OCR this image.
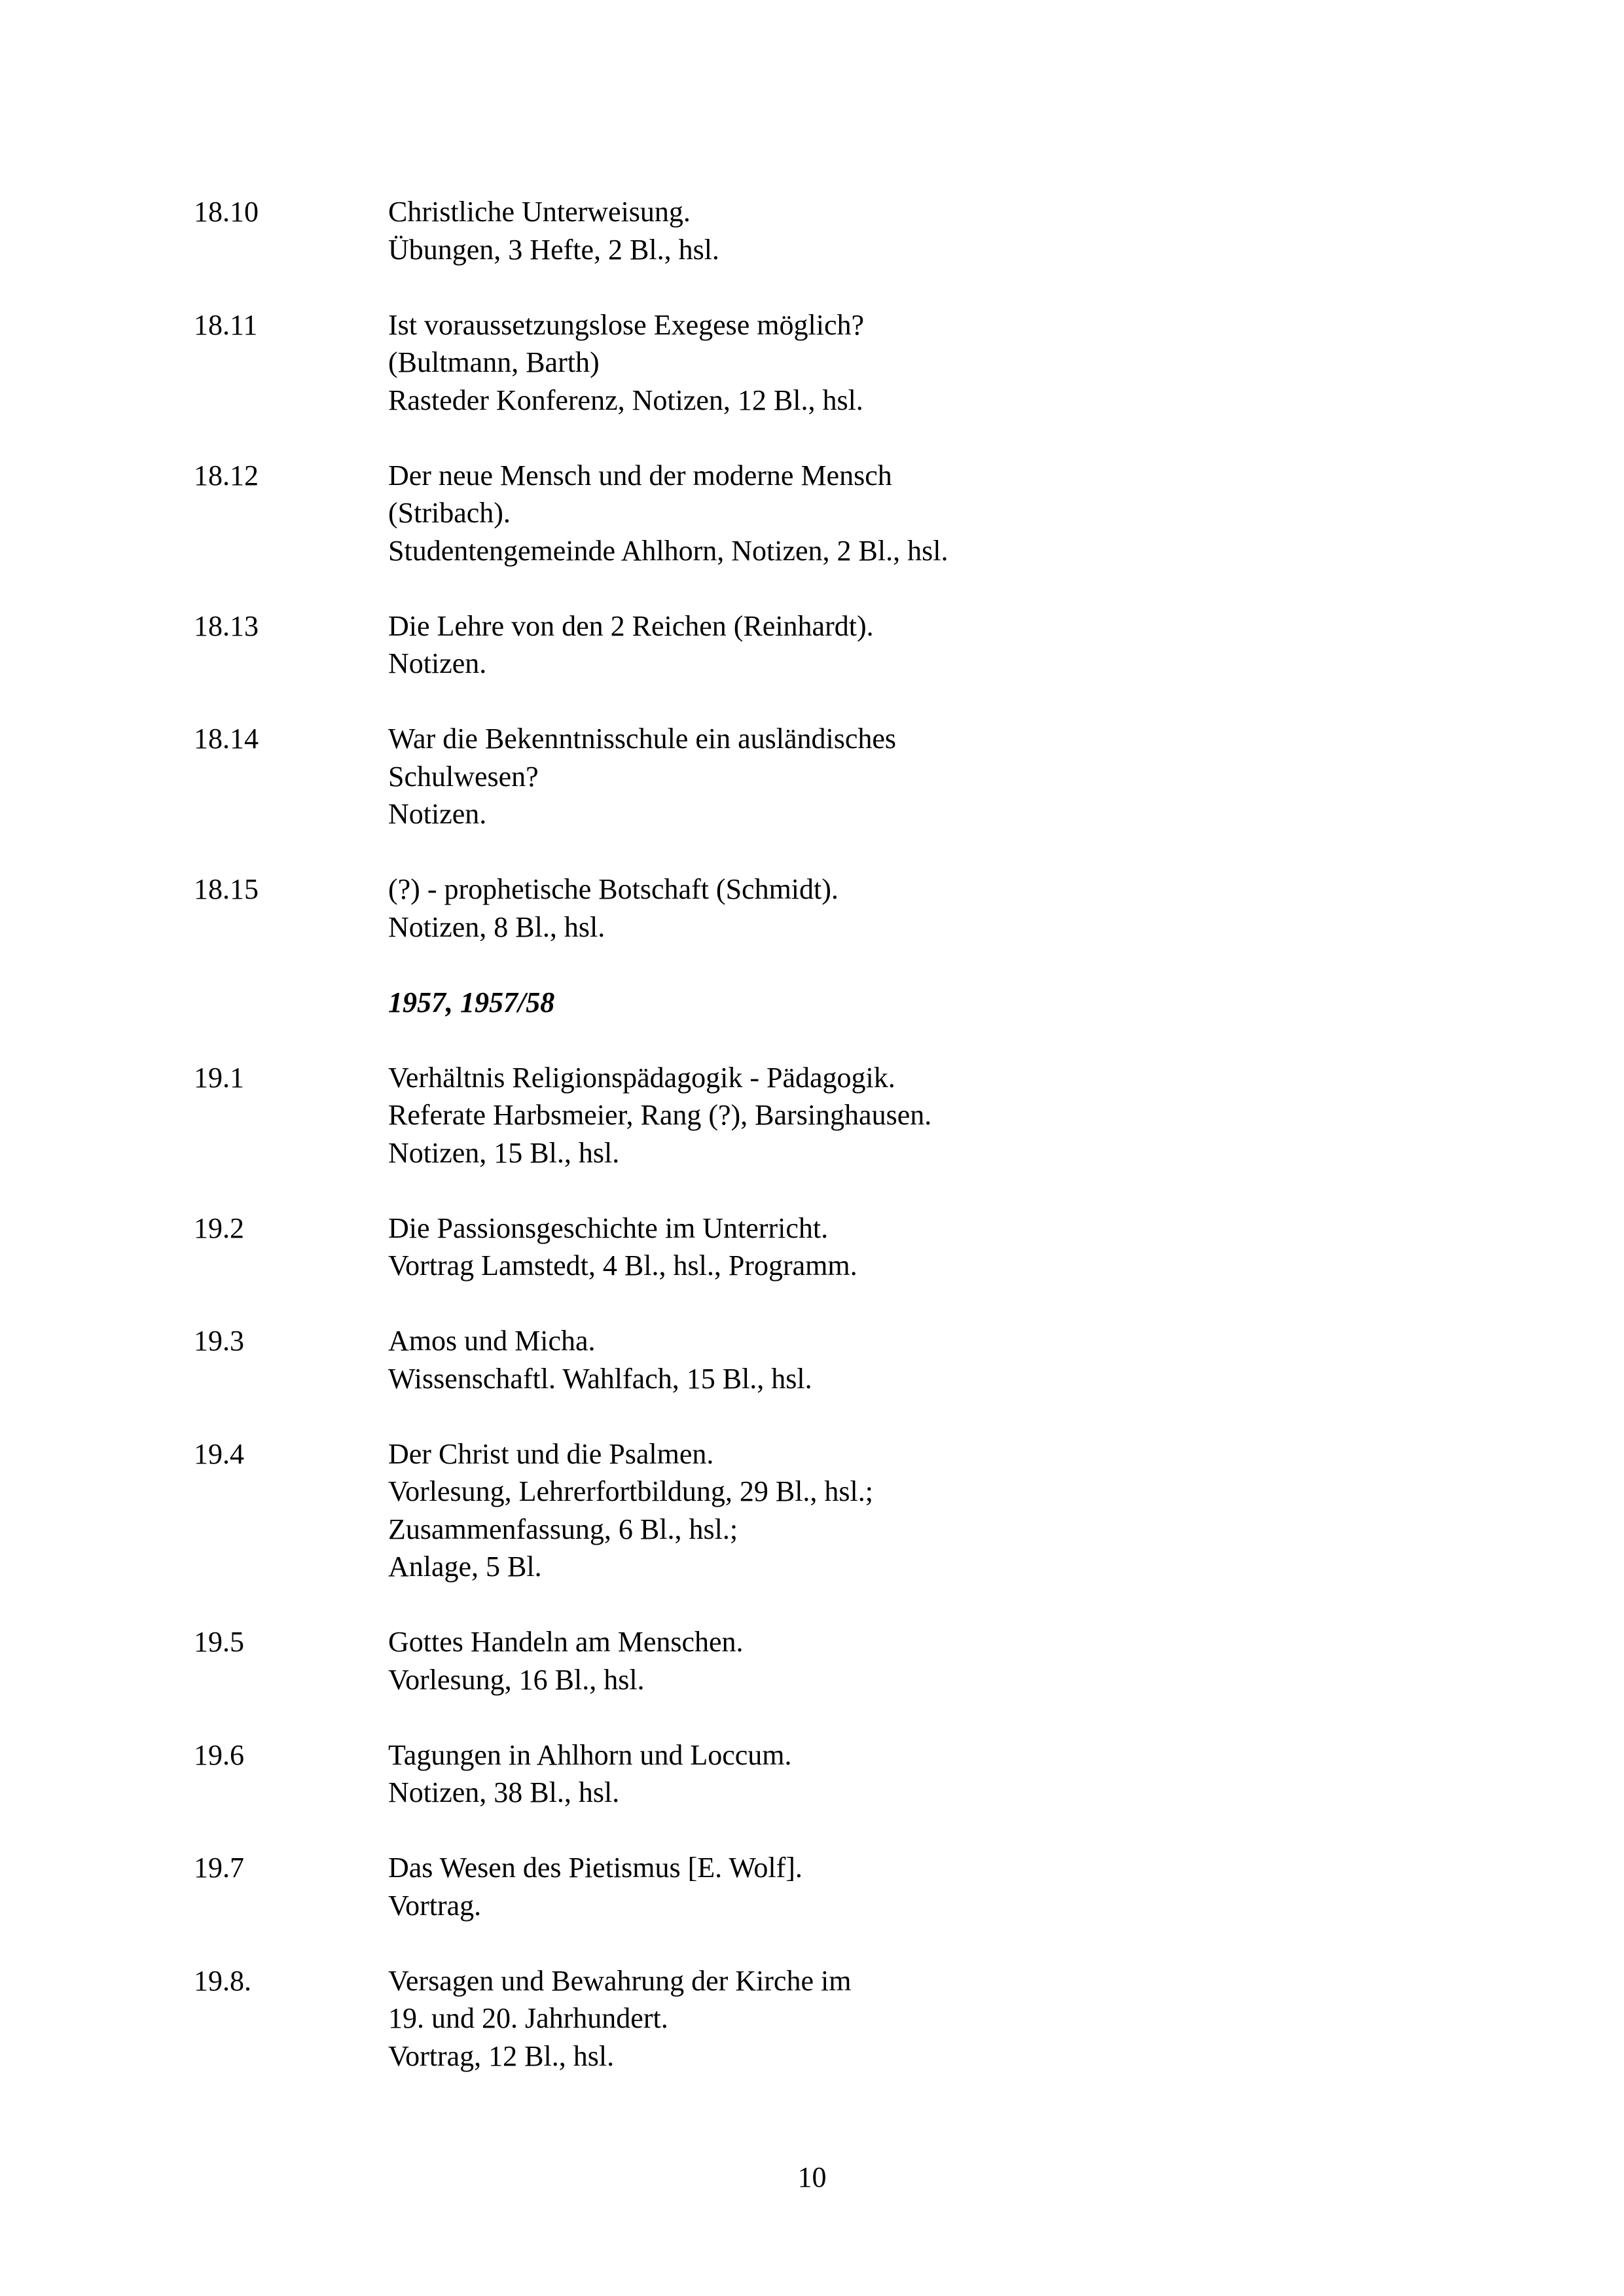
18.10	Christliche Unterweisung.
Übungen, 3 Hefte, 2 Bl., hsl.
18.11	Ist voraussetzungslose Exegese möglich?
(Bultmann, Barth)
Rasteder Konferenz, Notizen, 12 Bl., hsl.
18.12	Der neue Mensch und der moderne Mensch
(Stribach).
Studentengemeinde Ahlhorn, Notizen, 2 Bl., hsl.
18.13	Die Lehre von den 2 Reichen (Reinhardt).
Notizen.
18.14	War die Bekenntnisschule ein ausländisches
Schulwesen?
Notizen.
18.15	(?) - prophetische Botschaft (Schmidt).
Notizen, 8 Bl., hsl.
1957, 1957/58
19.1	Verhältnis Religionspädagogik - Pädagogik.
Referate Harbsmeier, Rang (?), Barsinghausen.
Notizen, 15 Bl., hsl.
19.2	Die Passionsgeschichte im Unterricht.
Vortrag Lamstedt, 4 Bl., hsl., Programm.
19.3	Amos und Micha.
Wissenschaftl. Wahlfach, 15 Bl., hsl.
19.4	Der Christ und die Psalmen.
Vorlesung, Lehrerfortbildung, 29 Bl., hsl.;
Zusammenfassung, 6 Bl., hsl.;
Anlage, 5 Bl.
19.5	Gottes Handeln am Menschen.
Vorlesung, 16 Bl., hsl.
19.6	Tagungen in Ahlhorn und Loccum.
Notizen, 38 Bl., hsl.
19.7	Das Wesen des Pietismus [E. Wolf].
Vortrag.
19.8.	Versagen und Bewahrung der Kirche im
19. und 20. Jahrhundert.
Vortrag, 12 Bl., hsl.
10
